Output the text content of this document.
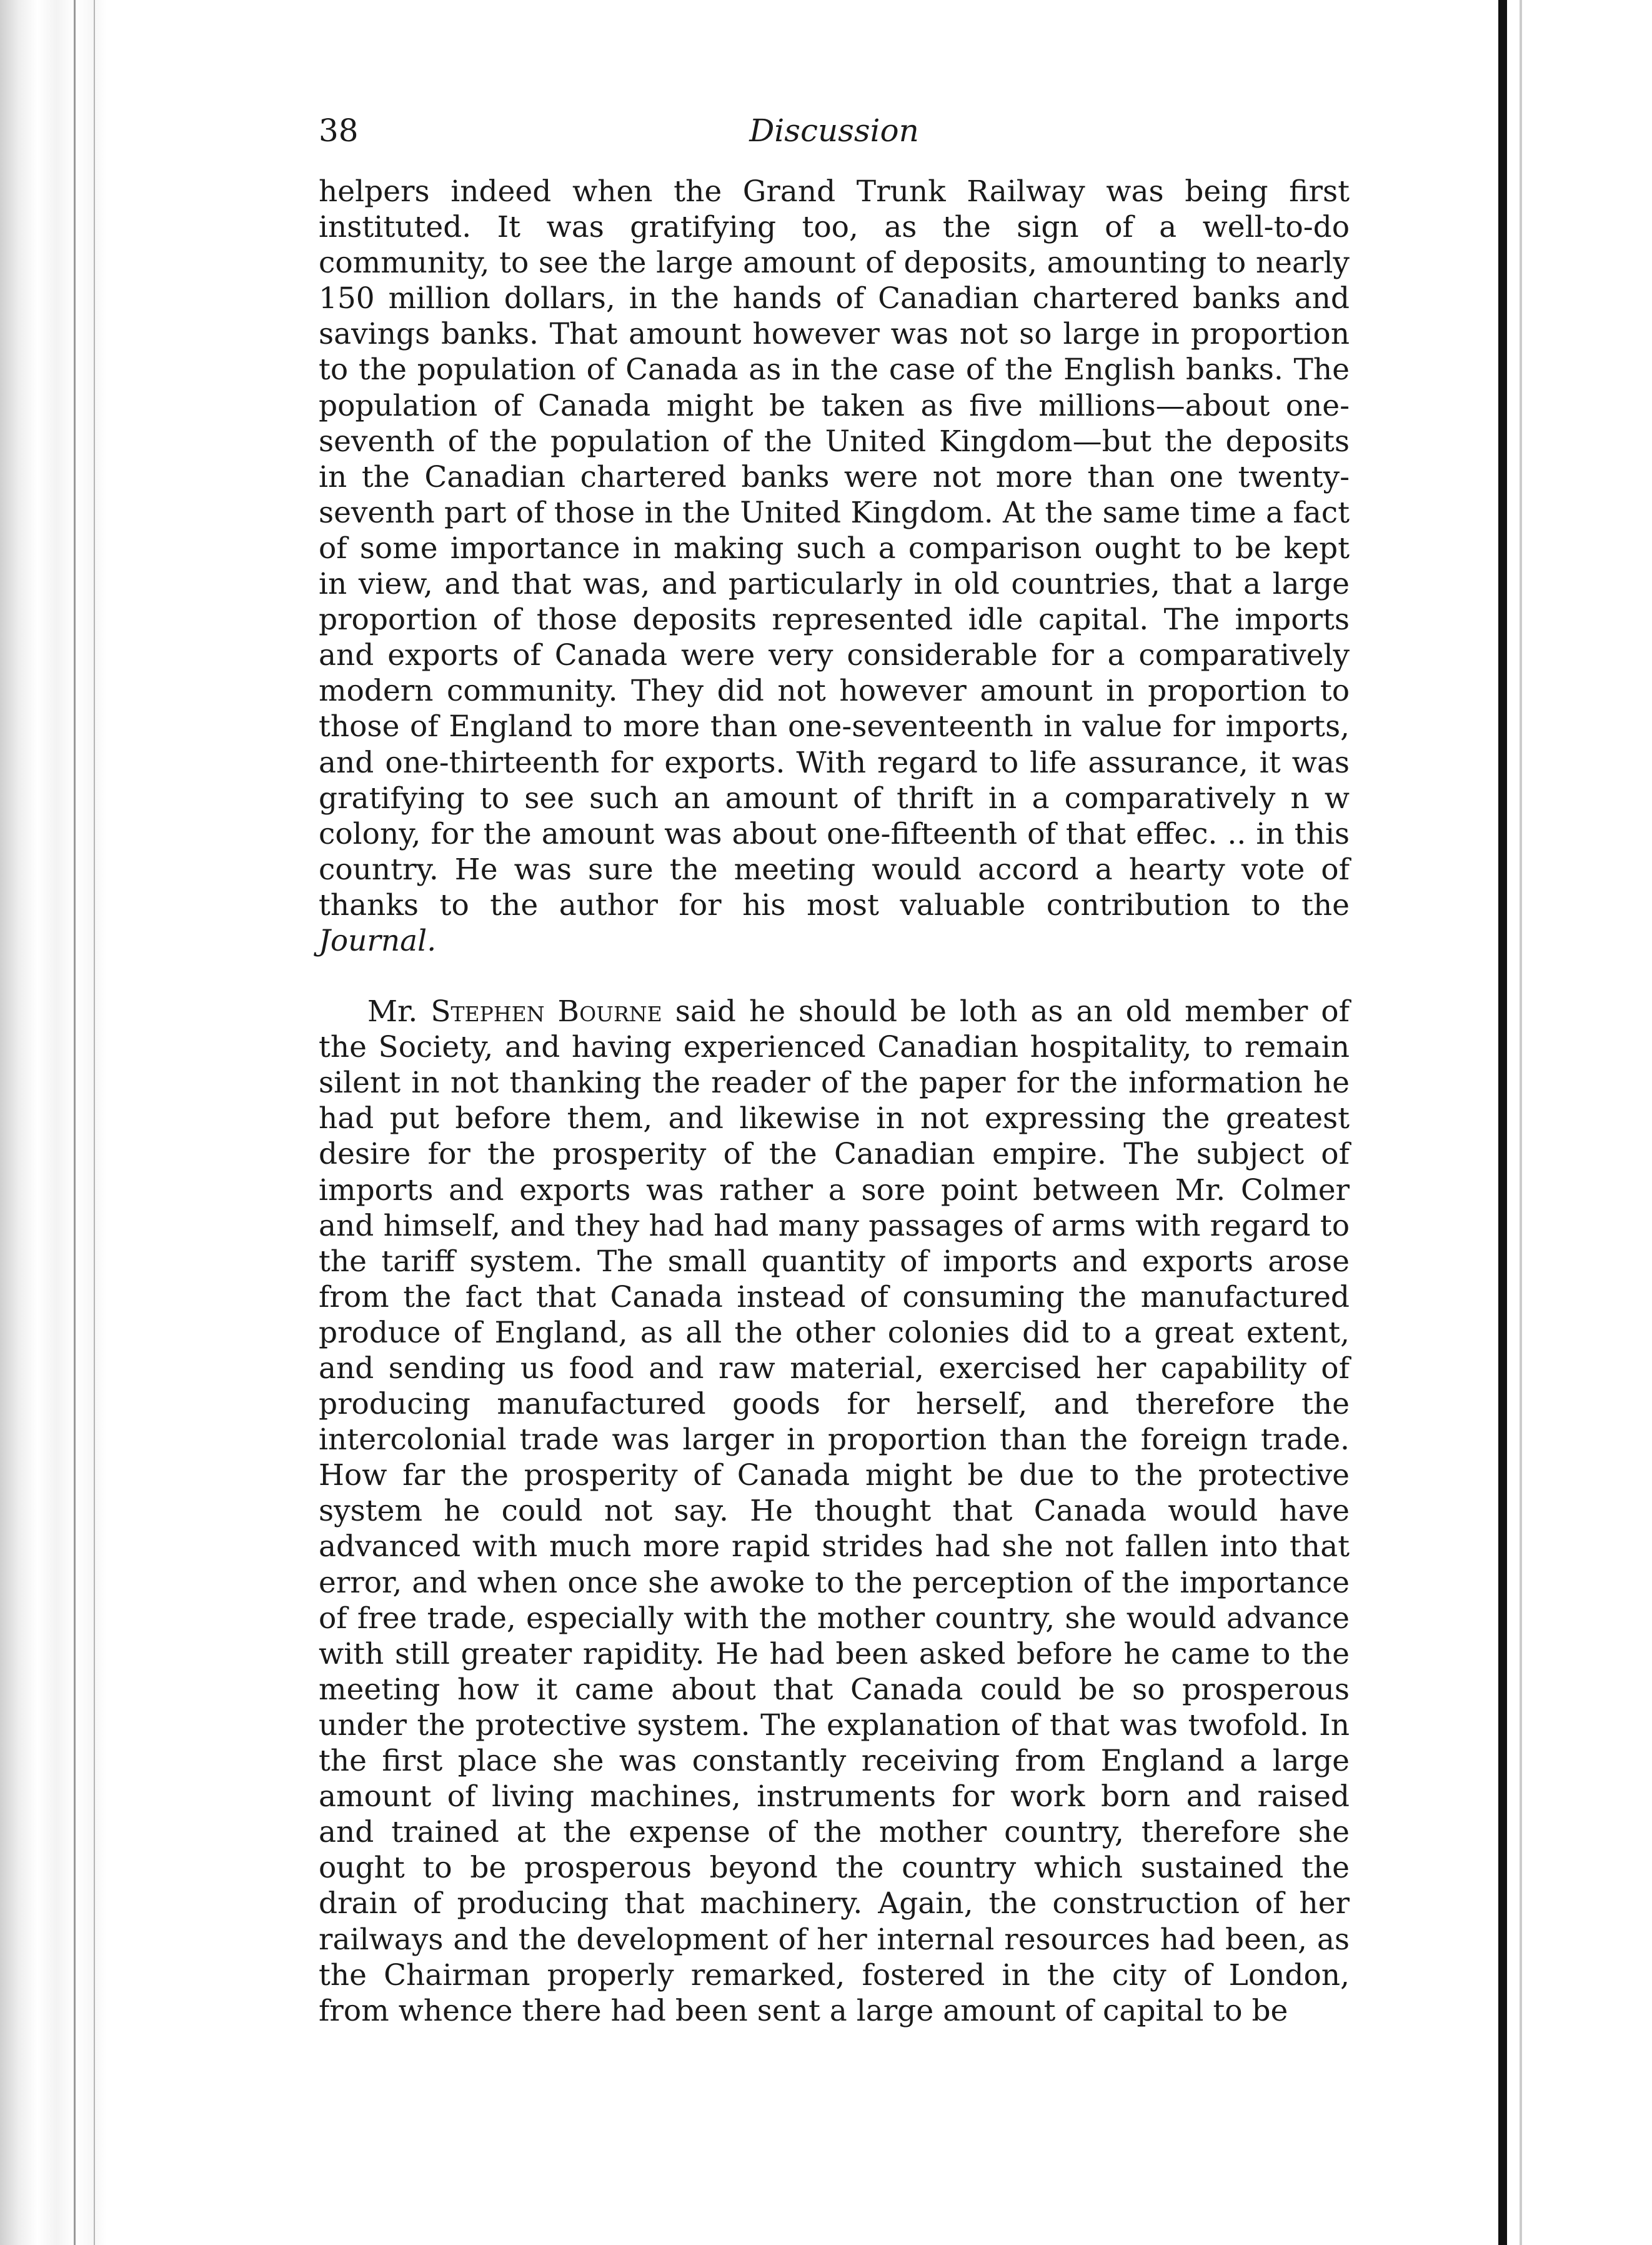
38	Discussion

helpers indeed when the Grand Trunk Railway was being first instituted. It was gratifying too, as the sign of a well-to-do community, to see the large amount of deposits, amounting to nearly 150 million dollars, in the hands of Canadian chartered banks and savings banks. That amount however was not so large in proportion to the population of Canada as in the case of the English banks. The population of Canada might be taken as five millions—about one-seventh of the population of the United Kingdom—but the deposits in the Canadian chartered banks were not more than one twenty-seventh part of those in the United Kingdom. At the same time a fact of some importance in making such a comparison ought to be kept in view, and that was, and particularly in old countries, that a large proportion of those deposits represented idle capital. The imports and exports of Canada were very considerable for a comparatively modern community. They did not however amount in proportion to those of England to more than one-seventeenth in value for imports, and one-thirteenth for exports. With regard to life assurance, it was gratifying to see such an amount of thrift in a comparatively n w colony, for the amount was about one-fifteenth of that effec. .. in this country. He was sure the meeting would accord a hearty vote of thanks to the author for his most valuable contribution to the Journal.

Mr. Stephen Bourne said he should be loth as an old member of the Society, and having experienced Canadian hospitality, to remain silent in not thanking the reader of the paper for the information he had put before them, and likewise in not expressing the greatest desire for the prosperity of the Canadian empire. The subject of imports and exports was rather a sore point between Mr. Colmer and himself, and they had had many passages of arms with regard to the tariff system. The small quantity of imports and exports arose from the fact that Canada instead of consuming the manufactured produce of England, as all the other colonies did to a great extent, and sending us food and raw material, exercised her capability of producing manufactured goods for herself, and therefore the intercolonial trade was larger in proportion than the foreign trade. How far the prosperity of Canada might be due to the protective system he could not say. He thought that Canada would have advanced with much more rapid strides had she not fallen into that error, and when once she awoke to the perception of the importance of free trade, especially with the mother country, she would advance with still greater rapidity. He had been asked before he came to the meeting how it came about that Canada could be so prosperous under the protective system. The explanation of that was twofold. In the first place she was constantly receiving from England a large amount of living machines, instruments for work born and raised and trained at the expense of the mother country, therefore she ought to be prosperous beyond the country which sustained the drain of producing that machinery. Again, the construction of her railways and the development of her internal resources had been, as the Chairman properly remarked, fostered in the city of London, from whence there had been sent a large amount of capital to be
